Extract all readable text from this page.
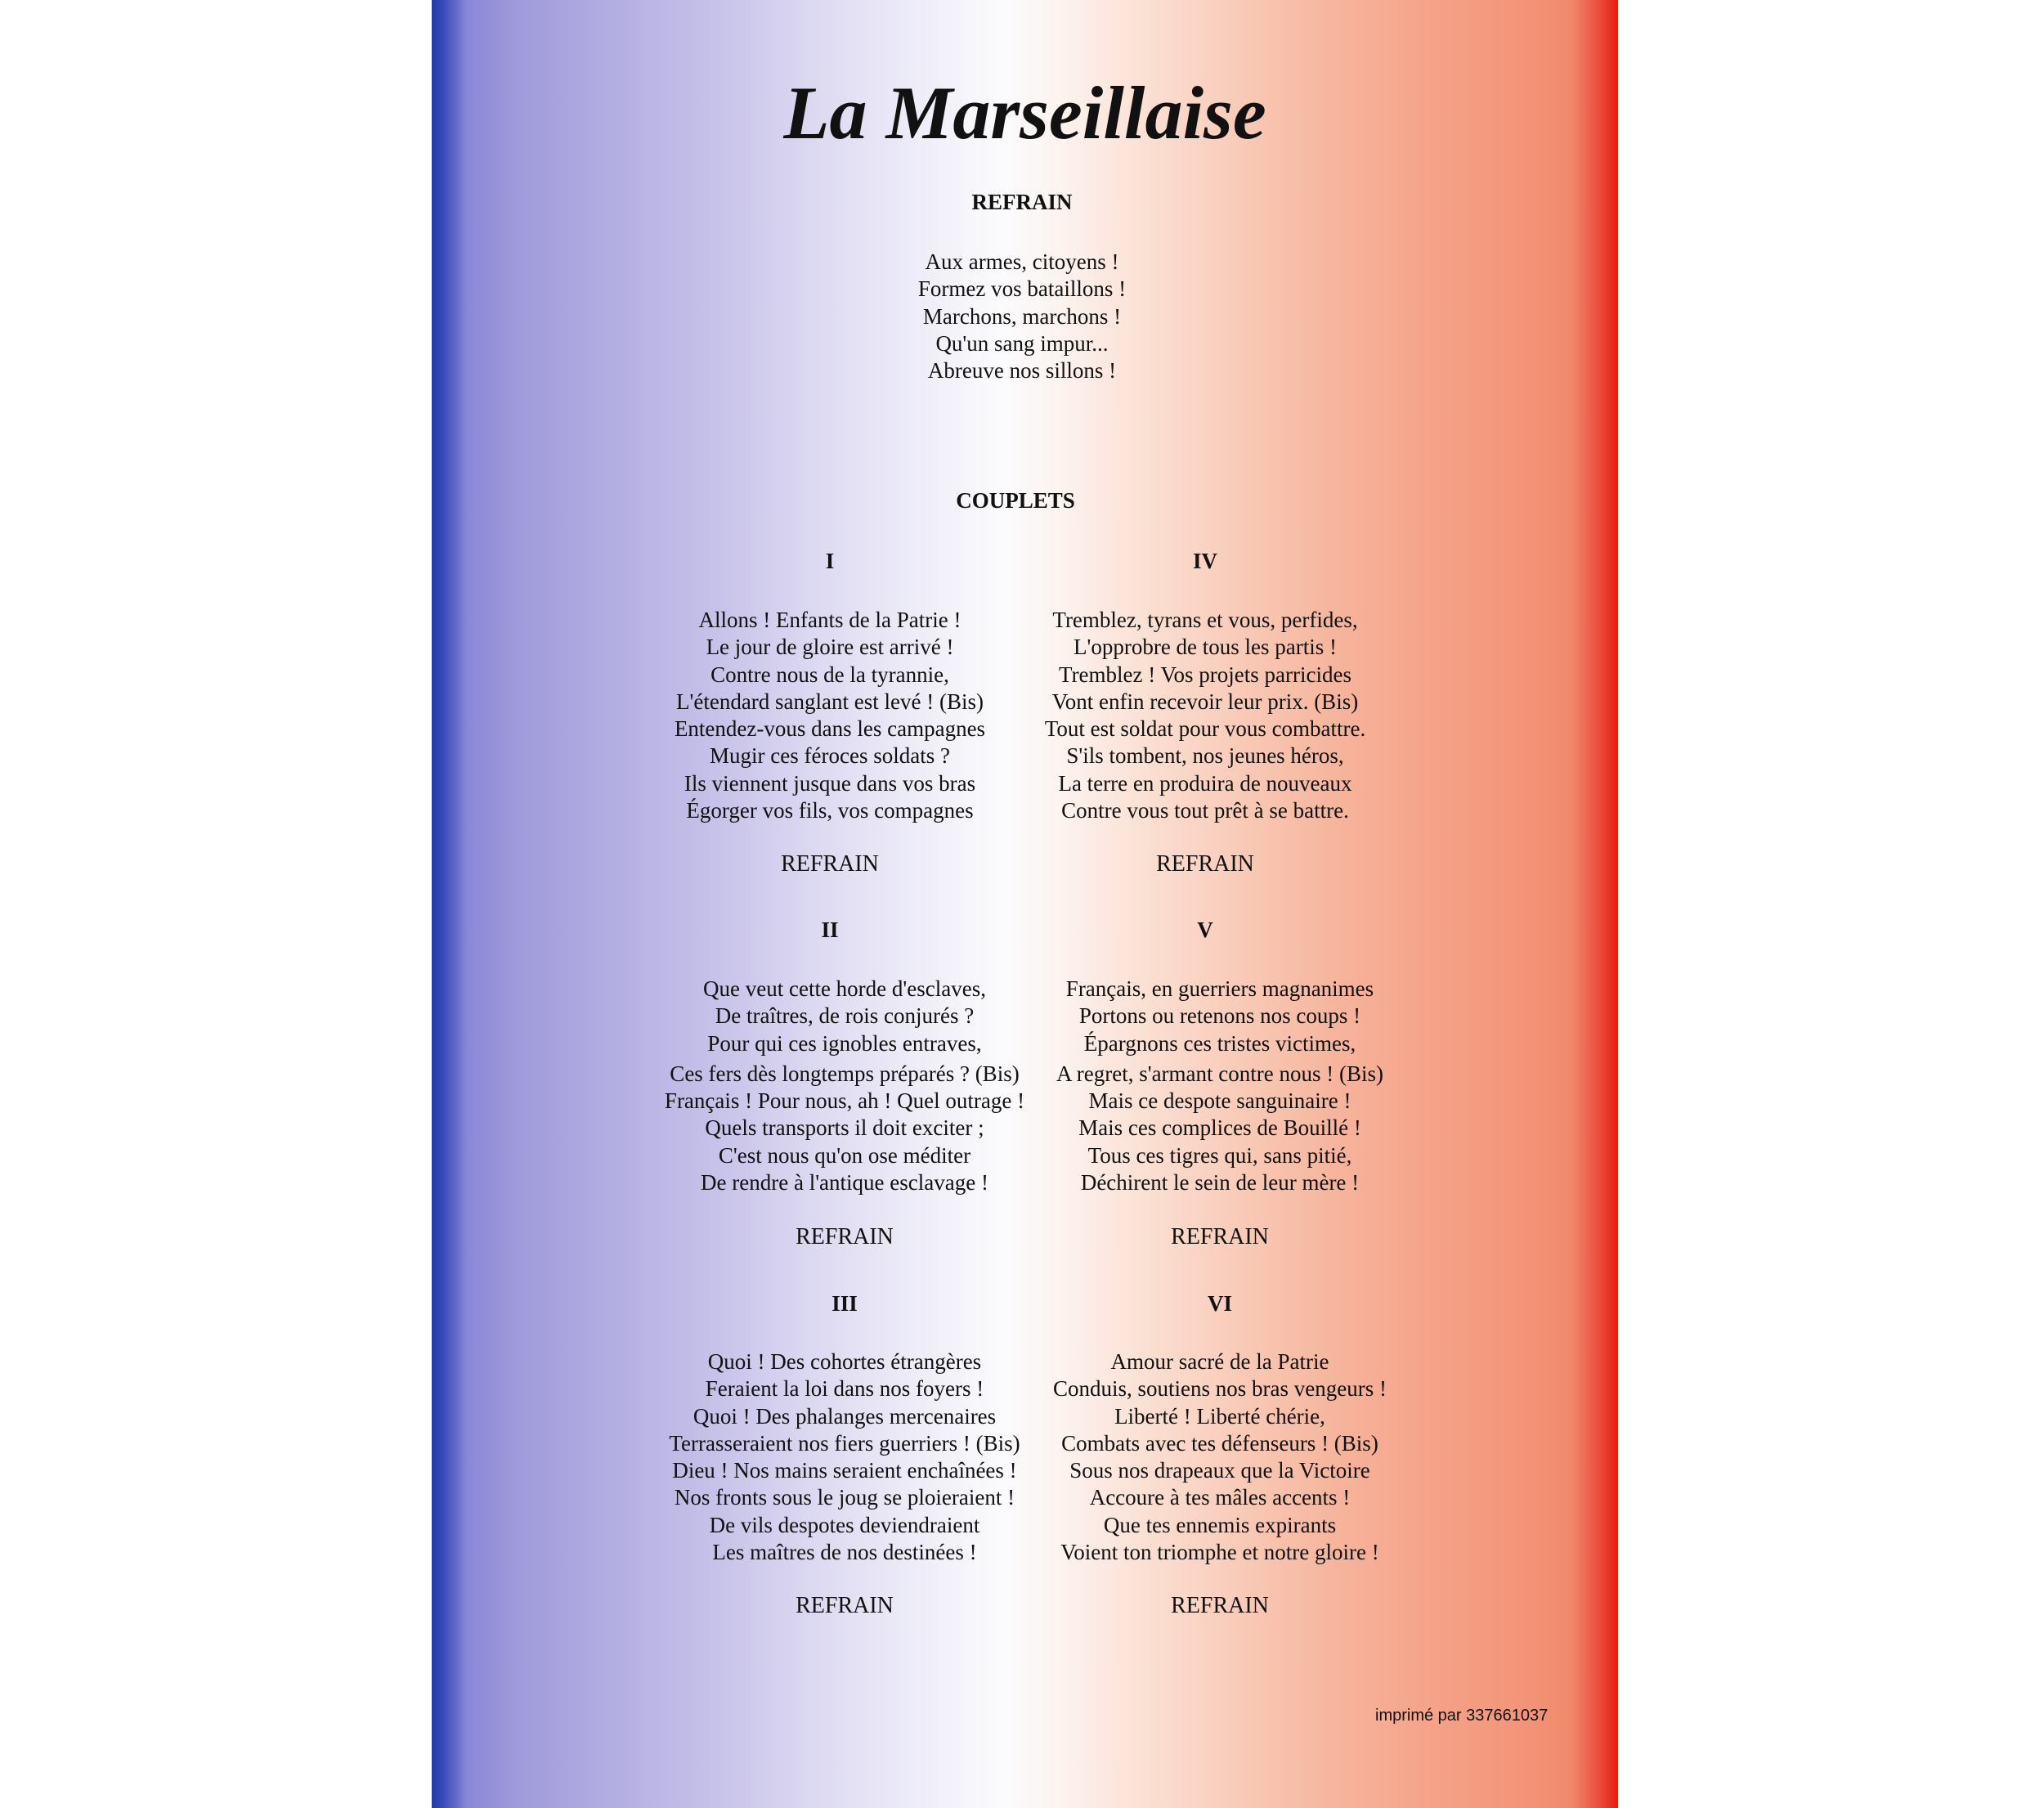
La Marseillaise
REFRAIN
Aux armes, citoyens !
Formez vos bataillons !
Marchons, marchons !
Qu'un sang impur...
Abreuve nos sillons !
COUPLETS
I
Allons ! Enfants de la Patrie !
Le jour de gloire est arrivé !
Contre nous de la tyrannie,
L'étendard sanglant est levé ! (Bis)
Entendez-vous dans les campagnes
Mugir ces féroces soldats ?
Ils viennent jusque dans vos bras
Égorger vos fils, vos compagnes
REFRAIN
II
Que veut cette horde d'esclaves,
De traîtres, de rois conjurés ?
Pour qui ces ignobles entraves,
Ces fers dès longtemps préparés ? (Bis)
Français ! Pour nous, ah ! Quel outrage !
Quels transports il doit exciter ;
C'est nous qu'on ose méditer
De rendre à l'antique esclavage !
REFRAIN
III
Quoi ! Des cohortes étrangères
Feraient la loi dans nos foyers !
Quoi ! Des phalanges mercenaires
Terrasseraient nos fiers guerriers ! (Bis)
Dieu ! Nos mains seraient enchaînées !
Nos fronts sous le joug se ploieraient !
De vils despotes deviendraient
Les maîtres de nos destinées !
REFRAIN
IV
Tremblez, tyrans et vous, perfides,
L'opprobre de tous les partis !
Tremblez ! Vos projets parricides
Vont enfin recevoir leur prix. (Bis)
Tout est soldat pour vous combattre.
S'ils tombent, nos jeunes héros,
La terre en produira de nouveaux
Contre vous tout prêt à se battre.
REFRAIN
V
Français, en guerriers magnanimes
Portons ou retenons nos coups !
Épargnons ces tristes victimes,
A regret, s'armant contre nous ! (Bis)
Mais ce despote sanguinaire !
Mais ces complices de Bouillé !
Tous ces tigres qui, sans pitié,
Déchirent le sein de leur mère !
REFRAIN
VI
Amour sacré de la Patrie
Conduis, soutiens nos bras vengeurs !
Liberté ! Liberté chérie,
Combats avec tes défenseurs ! (Bis)
Sous nos drapeaux que la Victoire
Accoure à tes mâles accents !
Que tes ennemis expirants
Voient ton triomphe et notre gloire !
REFRAIN
imprimé par 337661037
